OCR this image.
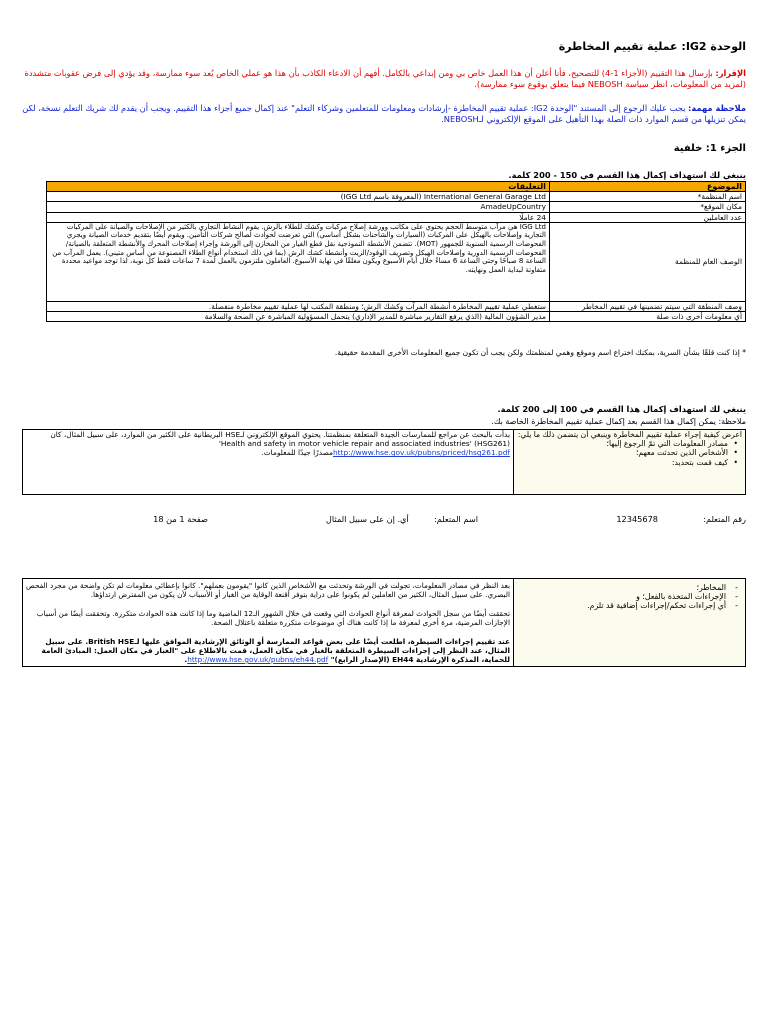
الوحدة IG2: عملية تقييم المخاطرة
الإقرار: بإرسال هذا التقييم (الأجزاء 1-4) للتصحيح، فأنا أعلن أن هذا العمل خاص بي ومن إبداعي بالكامل. أفهم أن الادعاء الكاذب بأن هذا هو عملي الخاص يُعد سوء ممارسة، وقد يؤدي إلى فرض عقوبات متشددة (لمزيد من المعلومات، انظر سياسة NEBOSH فيما يتعلق بوقوع سوء ممارسة).
ملاحظة مهمة: يجب عليك الرجوع إلى المستند "الوحدة IG2: عملية تقييم المخاطرة -إرشادات ومعلومات للمتعلمين وشركاء التعلم" عند إكمال جميع أجزاء هذا التقييم. ويجب أن يقدم لك شريك التعلم نسخة، لكن يمكن تنزيلها من قسم الموارد ذات الصلة بهذا التأهيل على الموقع الإلكتروني لـNEBOSH.
الجزء 1: خلفية
ينبغي لك استهداف إكمال هذا القسم في 150 - 200 كلمة.
الموضوع	التعليقات
اسم المنظمة*	International General Garage Ltd (المعروفة باسم IGG Ltd)
مكان الموقع*	AmadeUpCountry
عدد العاملين	24 عاملًا
الوصف العام للمنظمة	IGG Ltd هي مرآب متوسط الحجم يحتوي على مكاتب وورشة إصلاح مركبات وكشك للطلاء بالرش. يقوم النشاط التجاري بالكثير من الإصلاحات والصيانة على المركبات التجارية وإصلاحات بالهيكل على المركبات (السيارات والشاحنات بشكل أساسي) التي تعرضت لحوادث لصالح شركات التأمين. ويقوم أيضًا بتقديم خدمات الصيانة ويجري الفحوصات الرسمية السنوية للجمهور (MOT). تتضمن الأنشطة النموذجية نقل قطع الغيار من المخازن إلى الورشة وإجراء إصلاحات المحرك والأنشطة المتعلقة بالصيانة/الفحوصات الرسمية الدورية وإصلاحات الهيكل وتصريف الوقود/الزيت وأنشطة كشك الرش (بما في ذلك استخدام أنواع الطلاء المصنوعة من أساس متيني). يعمل المرآب من الساعة 8 صباحًا وحتى الساعة 6 مساءً خلال أيام الأسبوع ويكون مغلقًا في نهاية الأسبوع. العاملون ملتزمون بالعمل لمدة 7 ساعات فقط كل نوبة، لذا توجد مواعيد محددة متفاوتة لبداية العمل ونهايته.
وصف المنطقة التي سيتم تضمينها في تقييم المخاطر	ستغطي عملية تقييم المخاطرة أنشطة المرآب وكشك الرش؛ ومنطقة المكتب لها عملية تقييم مخاطرة منفصلة.
أي معلومات أخرى ذات صلة	مدير الشؤون المالية (الذي يرفع التقارير مباشرة للمدير الإداري) يتحمل المسؤولية المباشرة عن الصحة والسلامة
* إذا كنت قلقًا بشأن السرية، بمكنك اختراع اسم وموقع وهمي لمنظمتك ولكن يجب أن تكون جميع المعلومات الأخرى المقدمة حقيقية.
ينبغي لك استهداف إكمال هذا القسم في 100 إلى 200 كلمة.
ملاحظة: يمكن إكمال هذا القسم بعد إكمال عملية تقييم المخاطرة الخاصة بك.
اعرض كيفية إجراء عملية تقييم المخاطرة وينبغي أن يتضمن ذلك ما يلي:
• مصادر المعلومات التي تمّ الرجوع إليها؛
• الأشخاص الذين تحدثت معهم؛
• كيف قمت بتحديد:
	بدأت بالبحث عن مراجع للممارسات الجيدة المتعلقة بمنظمتنا. يحتوي الموقع الإلكتروني لـHSE البريطانية على الكثير من الموارد، على سبيل المثال، كان (HSG261) 'Health and safety in motor vehicle repair and associated industries' http://www.hse.gov.uk/pubns/priced/hsg261.pdfمصدرًا جيدًا للمعلومات.
رقم المتعلم:  12345678
اسم المتعلم:  أي. إن على سبيل المثال
صفحة 1 من 18
- المخاطر؛
- الإجراءات المتخذة بالفعل؛ و
- أي إجراءات تحكم/إجراءات إضافية قد تلزم.

بعد النظر في مصادر المعلومات، تجولت في الورشة وتحدثت مع الأشخاص الذين كانوا "يقومون بعملهم". كانوا بإعطائي معلومات لم تكن واضحة من مجرد الفحص البصري. على سبيل المثال، الكثير من العاملين لم يكونوا على دراية بتوفر أقنعة الوقاية من الغبار أو الأسباب لأن يكون من المفترض ارتداؤها.
تحققت أيضًا من سجل الحوادث لمعرفة أنواع الحوادث التي وقعت في خلال الشهور الـ12 الماضية وما إذا كانت هذه الحوادث متكررة. وتحققت أيضًا من أسباب الإجازات المرضية، مرة أخرى لمعرفة ما إذا كانت هناك أي موضوعات متكررة متعلقة باعتلال الصحة.
عند تقييم إجراءات السيطرة، اطلعت أيضًا على بعض قواعد الممارسة أو الوثائق الإرشادية الموافق عليها لـBritish HSE. على سبيل المثال، عند النظر إلى إجراءات السيطرة المتعلقة بالغبار في مكان العمل، قمت بالاطلاع على "الغبار في مكان العمل: المبادئ العامة للحماية، المذكرة الإرشادية EH44 (الإصدار الرابع)" http://www.hse.gov.uk/pubns/eh44.pdf.
